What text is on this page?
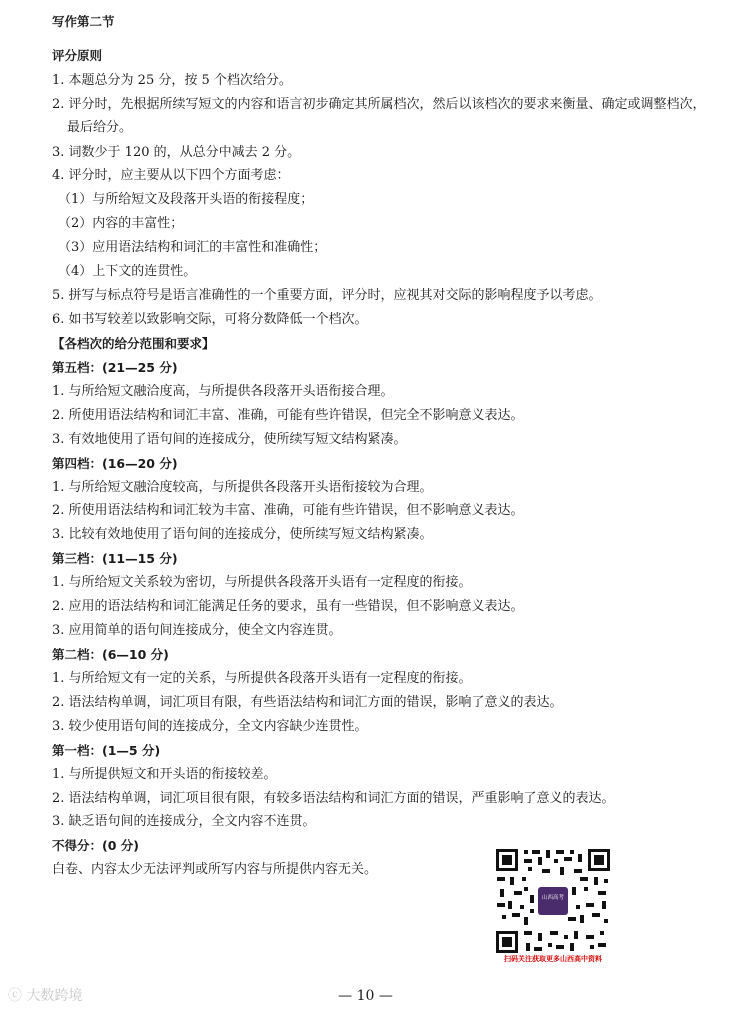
写作第二节
评分原则
1. 本题总分为 25 分，按 5 个档次给分。
2. 评分时，先根据所续写短文的内容和语言初步确定其所属档次，然后以该档次的要求来衡量、确定或调整档次，
最后给分。
3. 词数少于 120 的，从总分中减去 2 分。
4. 评分时，应主要从以下四个方面考虑：
（1）与所给短文及段落开头语的衔接程度；
（2）内容的丰富性；
（3）应用语法结构和词汇的丰富性和准确性；
（4）上下文的连贯性。
5. 拼写与标点符号是语言准确性的一个重要方面，评分时，应视其对交际的影响程度予以考虑。
6. 如书写较差以致影响交际，可将分数降低一个档次。
【各档次的给分范围和要求】
第五档：(21—25 分)
1. 与所给短文融洽度高，与所提供各段落开头语衔接合理。
2. 所使用语法结构和词汇丰富、准确，可能有些许错误，但完全不影响意义表达。
3. 有效地使用了语句间的连接成分，使所续写短文结构紧凑。
第四档：(16—20 分)
1. 与所给短文融洽度较高，与所提供各段落开头语衔接较为合理。
2. 所使用语法结构和词汇较为丰富、准确，可能有些许错误，但不影响意义表达。
3. 比较有效地使用了语句间的连接成分，使所续写短文结构紧凑。
第三档：(11—15 分)
1. 与所给短文关系较为密切，与所提供各段落开头语有一定程度的衔接。
2. 应用的语法结构和词汇能满足任务的要求，虽有一些错误，但不影响意义表达。
3. 应用简单的语句间连接成分，使全文内容连贯。
第二档：(6—10 分)
1. 与所给短文有一定的关系，与所提供各段落开头语有一定程度的衔接。
2. 语法结构单调，词汇项目有限，有些语法结构和词汇方面的错误，影响了意义的表达。
3. 较少使用语句间的连接成分，全文内容缺少连贯性。
第一档：(1—5 分)
1. 与所提供短文和开头语的衔接较差。
2. 语法结构单调，词汇项目很有限，有较多语法结构和词汇方面的错误，严重影响了意义的表达。
3. 缺乏语句间的连接成分，全文内容不连贯。
不得分：(0 分)
白卷、内容太少无法评判或所写内容与所提供内容无关。
山西高考
扫码关注获取更多山西高中资料
ⓒ 大数跨境	— 10 —
